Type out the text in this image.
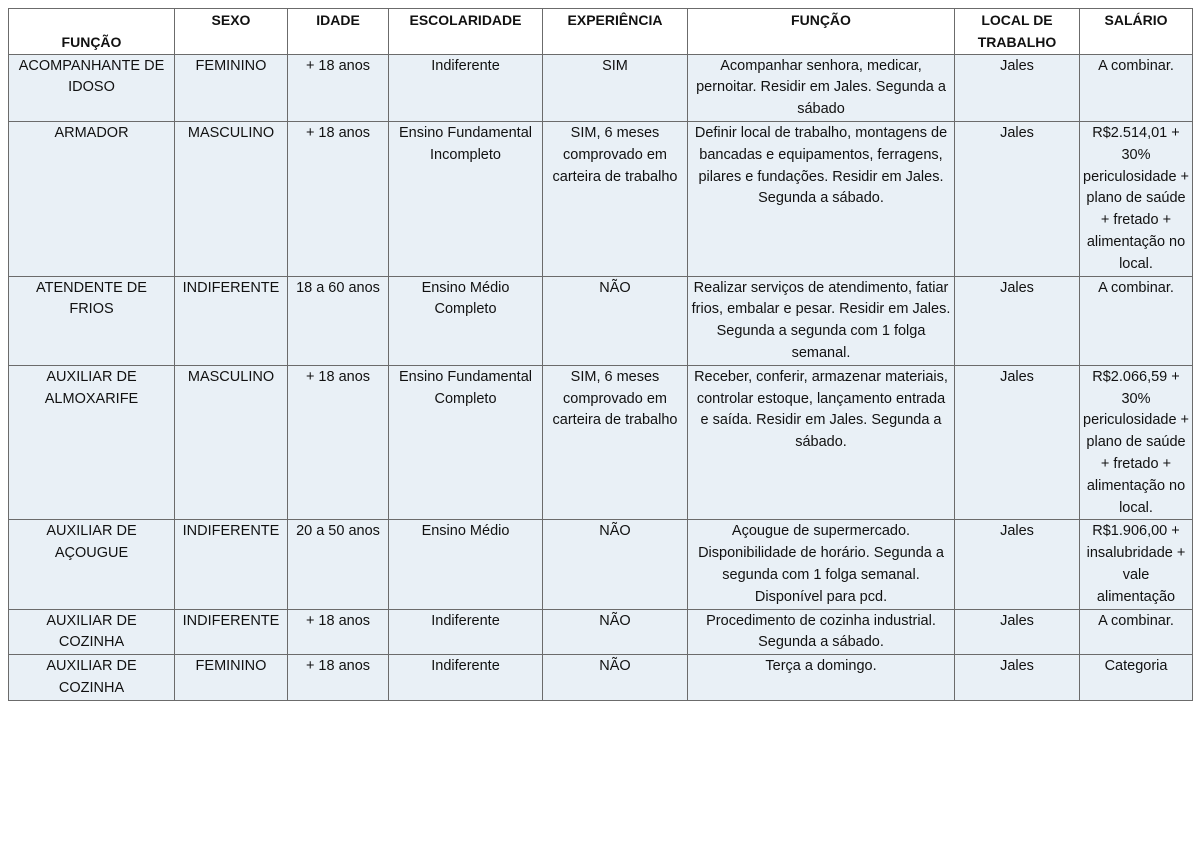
FUNÇÃO	SEXO	IDADE	ESCOLARIDADE	EXPERIÊNCIA	FUNÇÃO	LOCAL DE TRABALHO	SALÁRIO
ACOMPANHANTE DE IDOSO	FEMININO	+ 18 anos	Indiferente	SIM	Acompanhar senhora, medicar, pernoitar. Residir em Jales. Segunda a sábado	Jales	A combinar.
ARMADOR	MASCULINO	+ 18 anos	Ensino Fundamental Incompleto	SIM, 6 meses comprovado em carteira de trabalho	Definir local de trabalho, montagens de bancadas e equipamentos, ferragens, pilares e fundações. Residir em Jales. Segunda a sábado.	Jales	R$2.514,01 + 30% periculosidade + plano de saúde + fretado + alimentação no local.
ATENDENTE DE FRIOS	INDIFERENTE	18 a 60 anos	Ensino Médio Completo	NÃO	Realizar serviços de atendimento, fatiar frios, embalar e pesar. Residir em Jales. Segunda a segunda com 1 folga semanal.	Jales	A combinar.
AUXILIAR DE ALMOXARIFE	MASCULINO	+ 18 anos	Ensino Fundamental Completo	SIM, 6 meses comprovado em carteira de trabalho	Receber, conferir, armazenar materiais, controlar estoque, lançamento entrada e saída. Residir em Jales. Segunda a sábado.	Jales	R$2.066,59 + 30% periculosidade + plano de saúde + fretado + alimentação no local.
AUXILIAR DE AÇOUGUE	INDIFERENTE	20 a 50 anos	Ensino Médio	NÃO	Açougue de supermercado. Disponibilidade de horário. Segunda a segunda com 1 folga semanal. Disponível para pcd.	Jales	R$1.906,00 + insalubridade + vale alimentação
AUXILIAR DE COZINHA	INDIFERENTE	+ 18 anos	Indiferente	NÃO	Procedimento de cozinha industrial. Segunda a sábado.	Jales	A combinar.
AUXILIAR DE COZINHA	FEMININO	+ 18 anos	Indiferente	NÃO	Terça a domingo.	Jales	Categoria
